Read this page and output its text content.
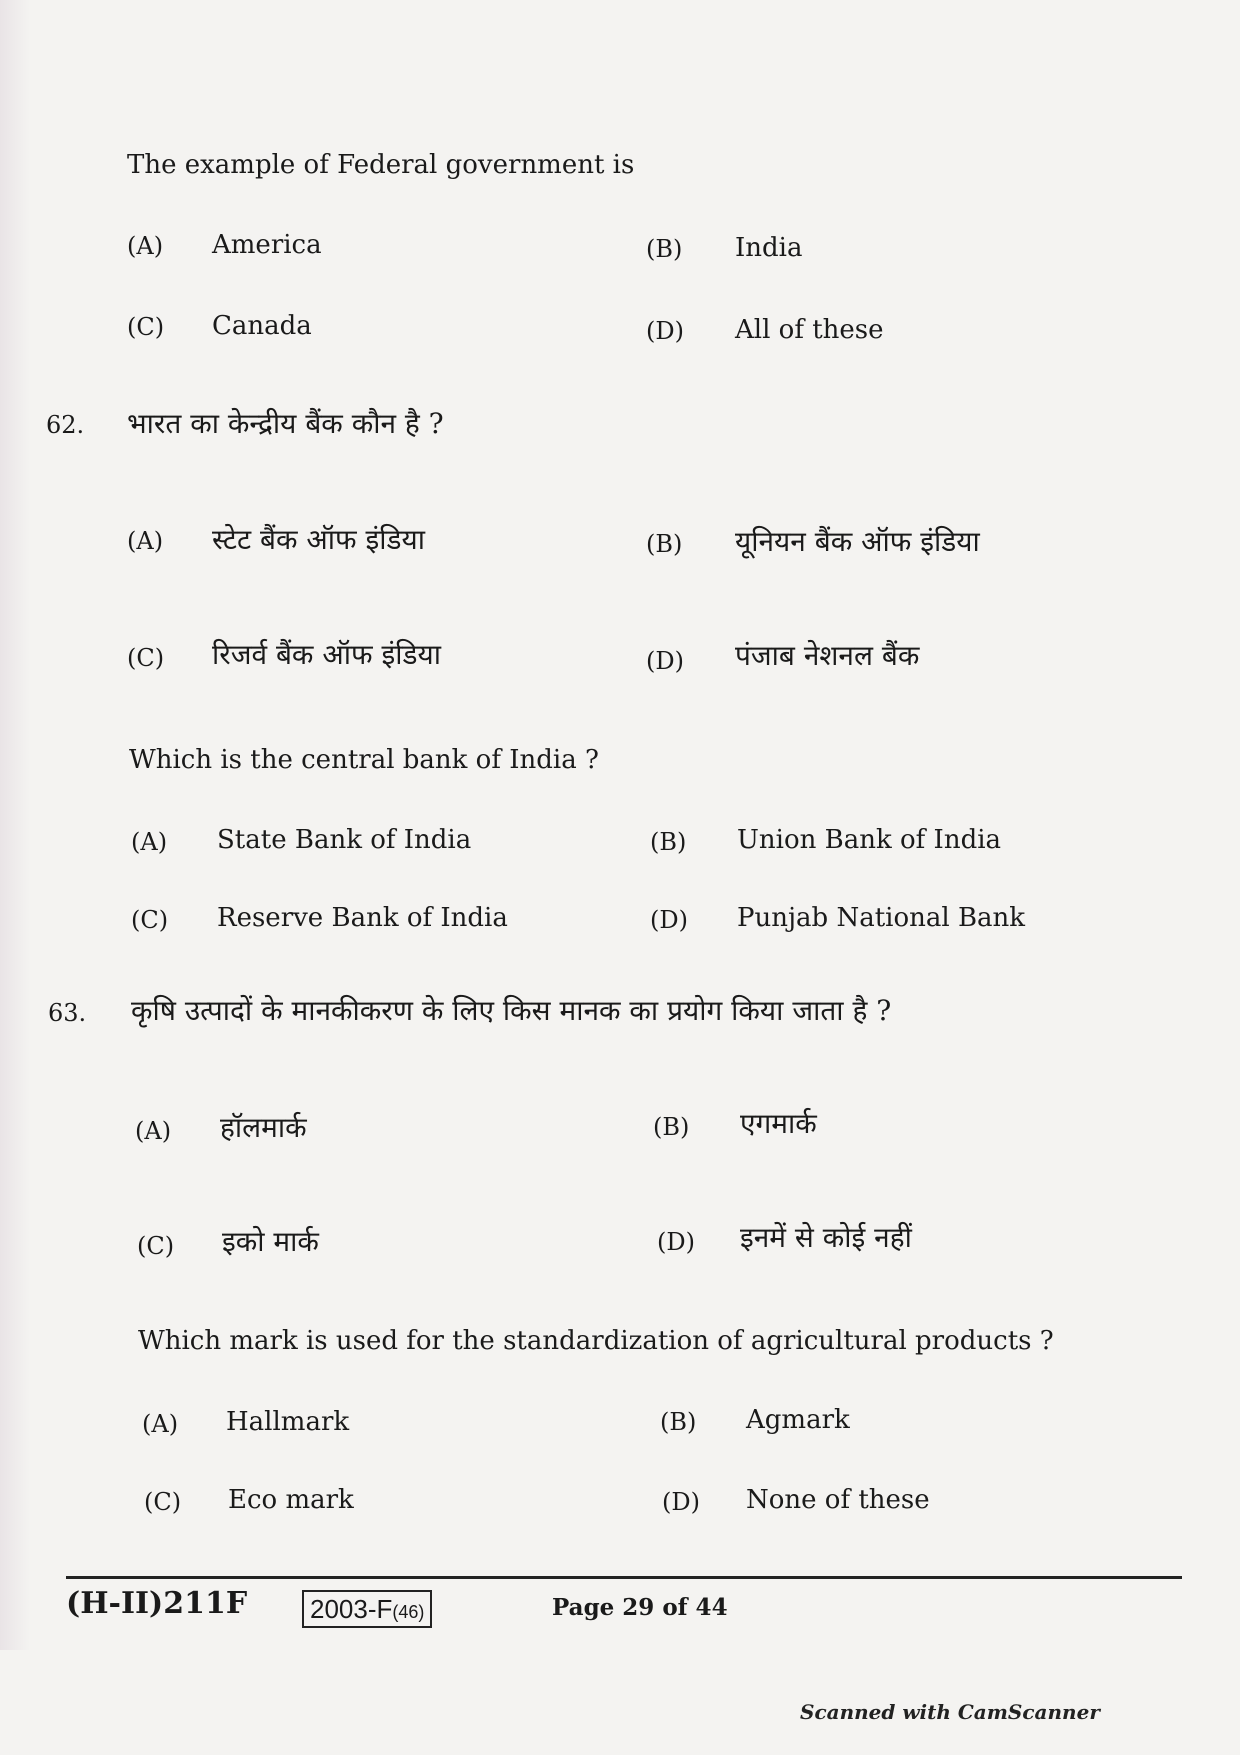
The example of Federal government is
(A) America	(B) India
(C) Canada	(D) All of these
62. भारत का केन्द्रीय बैंक कौन है ?
(A) स्टेट बैंक ऑफ इंडिया	(B) यूनियन बैंक ऑफ इंडिया
(C) रिजर्व बैंक ऑफ इंडिया	(D) पंजाब नेशनल बैंक
Which is the central bank of India ?
(A) State Bank of India	(B) Union Bank of India
(C) Reserve Bank of India	(D) Punjab National Bank
63. कृषि उत्पादों के मानकीकरण के लिए किस मानक का प्रयोग किया जाता है ?
(A) हॉलमार्क	(B) एगमार्क
(C) इको मार्क	(D) इनमें से कोई नहीं
Which mark is used for the standardization of agricultural products ?
(A) Hallmark	(B) Agmark
(C) Eco mark	(D) None of these
(H-II)211F	2003-F(46)	Page 29 of 44
Scanned with CamScanner
